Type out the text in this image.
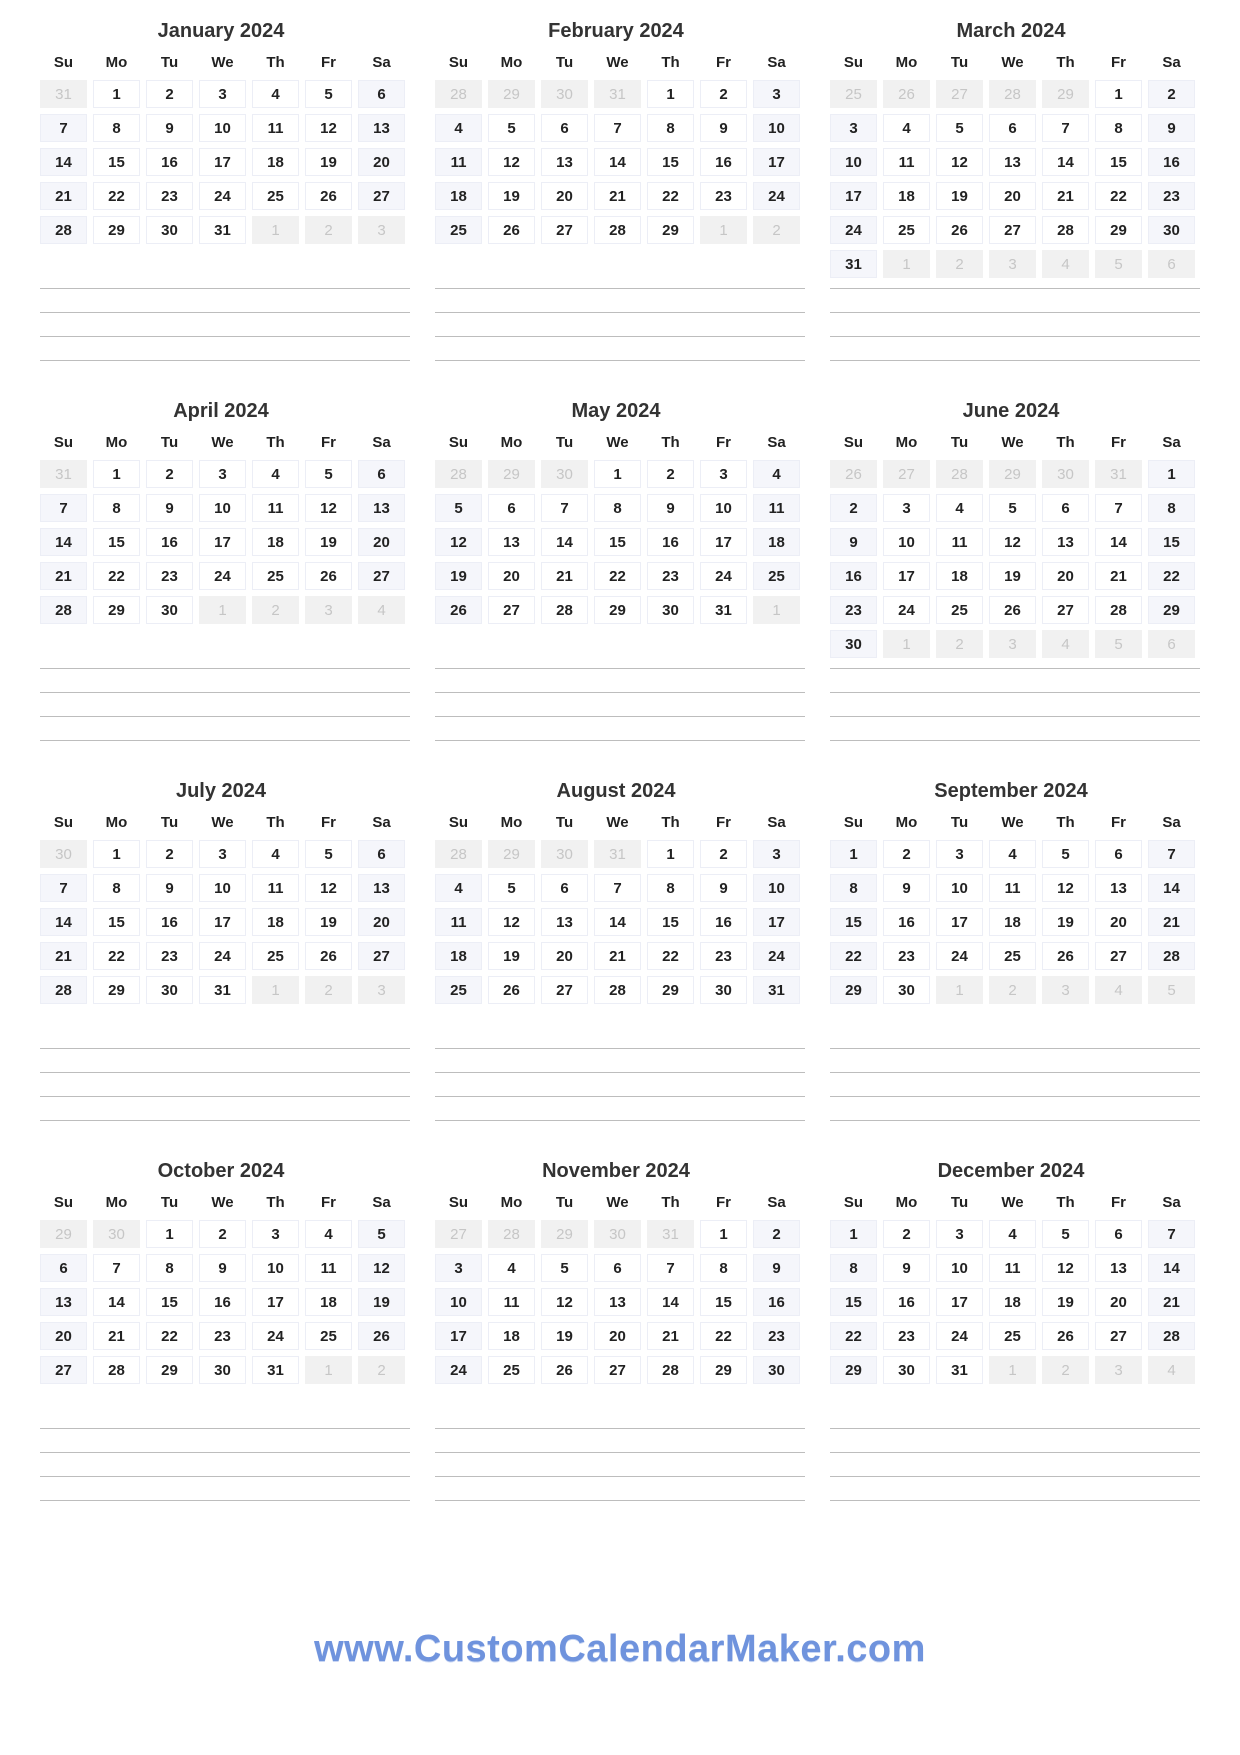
January 2024
Su	Mo	Tu	We	Th	Fr	Sa
31	1	2	3	4	5	6
7	8	9	10	11	12	13
14	15	16	17	18	19	20
21	22	23	24	25	26	27
28	29	30	31	1	2	3
February 2024
Su	Mo	Tu	We	Th	Fr	Sa
28	29	30	31	1	2	3
4	5	6	7	8	9	10
11	12	13	14	15	16	17
18	19	20	21	22	23	24
25	26	27	28	29	1	2
March 2024
Su	Mo	Tu	We	Th	Fr	Sa
25	26	27	28	29	1	2
3	4	5	6	7	8	9
10	11	12	13	14	15	16
17	18	19	20	21	22	23
24	25	26	27	28	29	30
31	1	2	3	4	5	6
April 2024
Su	Mo	Tu	We	Th	Fr	Sa
31	1	2	3	4	5	6
7	8	9	10	11	12	13
14	15	16	17	18	19	20
21	22	23	24	25	26	27
28	29	30	1	2	3	4
May 2024
Su	Mo	Tu	We	Th	Fr	Sa
28	29	30	1	2	3	4
5	6	7	8	9	10	11
12	13	14	15	16	17	18
19	20	21	22	23	24	25
26	27	28	29	30	31	1
June 2024
Su	Mo	Tu	We	Th	Fr	Sa
26	27	28	29	30	31	1
2	3	4	5	6	7	8
9	10	11	12	13	14	15
16	17	18	19	20	21	22
23	24	25	26	27	28	29
30	1	2	3	4	5	6
July 2024
Su	Mo	Tu	We	Th	Fr	Sa
30	1	2	3	4	5	6
7	8	9	10	11	12	13
14	15	16	17	18	19	20
21	22	23	24	25	26	27
28	29	30	31	1	2	3
August 2024
Su	Mo	Tu	We	Th	Fr	Sa
28	29	30	31	1	2	3
4	5	6	7	8	9	10
11	12	13	14	15	16	17
18	19	20	21	22	23	24
25	26	27	28	29	30	31
September 2024
Su	Mo	Tu	We	Th	Fr	Sa
1	2	3	4	5	6	7
8	9	10	11	12	13	14
15	16	17	18	19	20	21
22	23	24	25	26	27	28
29	30	1	2	3	4	5
October 2024
Su	Mo	Tu	We	Th	Fr	Sa
29	30	1	2	3	4	5
6	7	8	9	10	11	12
13	14	15	16	17	18	19
20	21	22	23	24	25	26
27	28	29	30	31	1	2
November 2024
Su	Mo	Tu	We	Th	Fr	Sa
27	28	29	30	31	1	2
3	4	5	6	7	8	9
10	11	12	13	14	15	16
17	18	19	20	21	22	23
24	25	26	27	28	29	30
December 2024
Su	Mo	Tu	We	Th	Fr	Sa
1	2	3	4	5	6	7
8	9	10	11	12	13	14
15	16	17	18	19	20	21
22	23	24	25	26	27	28
29	30	31	1	2	3	4
www.CustomCalendarMaker.com
